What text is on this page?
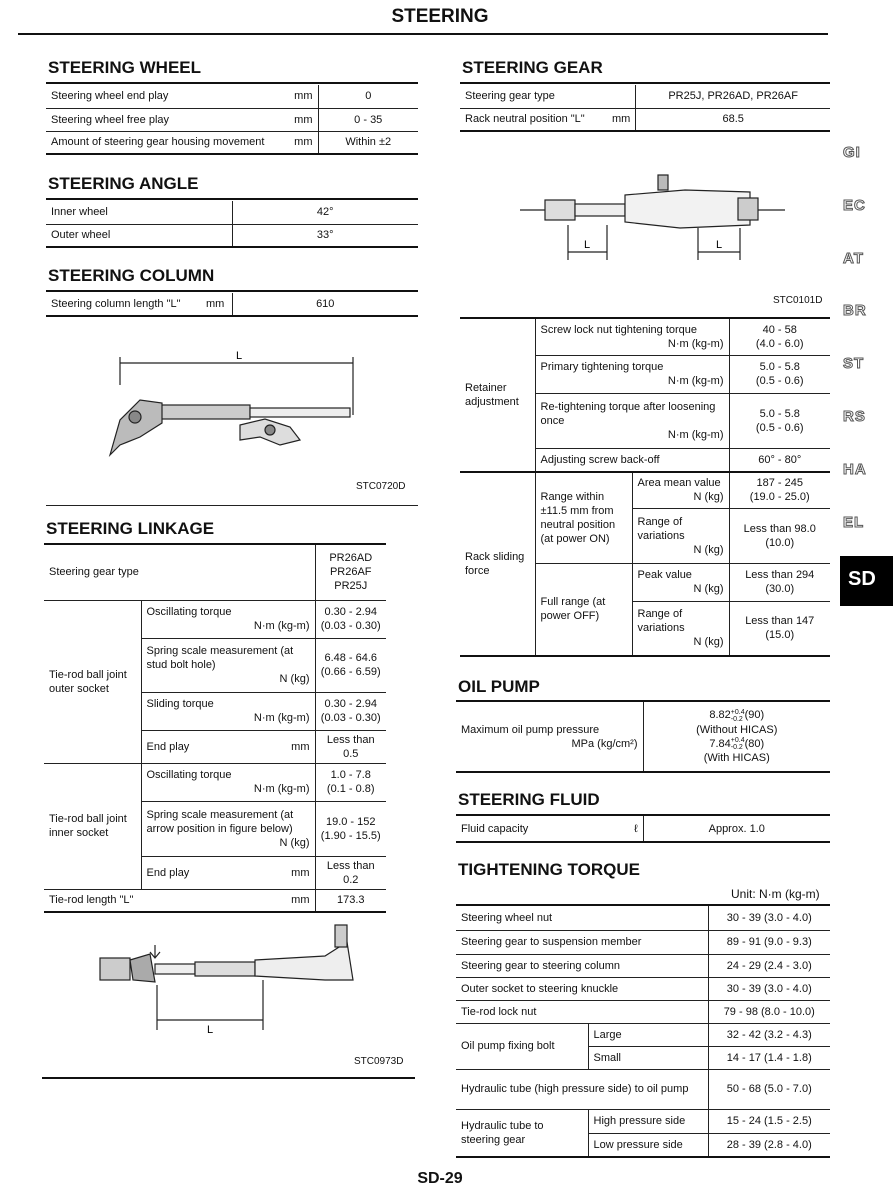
STEERING
STEERING WHEEL
Steering wheel end play	mm	0
Steering wheel free play	mm	0 - 35
Amount of steering gear housing movement	mm	Within ±2
STEERING ANGLE
Inner wheel	42°
Outer wheel	33°
STEERING COLUMN
Steering column length "L"	mm	610
L
STC0720D
STEERING LINKAGE
Steering gear type		PR26AD
PR26AF
PR25J

Tie-rod ball joint outer socket	Oscillating torque
N·m (kg-m)	0.30 - 2.94
(0.03 - 0.30)

	Spring scale measurement (at stud bolt hole)
N (kg)	6.48 - 64.6
(0.66 - 6.59)

	Sliding torque
N·m (kg-m)	0.30 - 2.94
(0.03 - 0.30)

	End play mm	Less than 0.5
Tie-rod ball joint inner socket	Oscillating torque
N·m (kg-m)	1.0 - 7.8
(0.1 - 0.8)

	Spring scale measurement (at arrow position in figure below)
N (kg)	19.0 - 152
(1.90 - 15.5)

	End play mm	Less than 0.2

Tie-rod length "L" mm		173.3
L
STC0973D
STEERING GEAR
Steering gear type		PR25J, PR26AD, PR26AF
Rack neutral position "L"	mm	68.5
L	L
STC0101D
Retainer adjustment	Screw lock nut tightening torque
N·m (kg-m)		40 - 58
(4.0 - 6.0)

	Primary tightening torque
N·m (kg-m)		5.0 - 5.8
(0.5 - 0.6)

	Re-tightening torque after loosening once
N·m (kg-m)		5.0 - 5.8
(0.5 - 0.6)

	Adjusting screw back-off		60° - 80°
Rack sliding force	Range within ±11.5 mm from neutral position (at power ON)	Area mean value
N (kg)	187 - 245
(19.0 - 25.0)

		Range of variations
N (kg)	Less than 98.0
(10.0)

	Full range (at power OFF)	Peak value
N (kg)	Less than 294
(30.0)

		Range of variations
N (kg)	Less than 147
(15.0)
OIL PUMP
Maximum oil pump pressure
MPa (kg/cm²)

8.82 +0.4
-0.2 (90)
(Without HICAS)
7.84 +0.4
-0.2 (80)
(With HICAS)
STEERING FLUID
Fluid capacity	ℓ	Approx. 1.0
TIGHTENING TORQUE
Unit: N·m (kg-m)
Steering wheel nut		30 - 39 (3.0 - 4.0)
Steering gear to suspension member		89 - 91 (9.0 - 9.3)
Steering gear to steering column		24 - 29 (2.4 - 3.0)
Outer socket to steering knuckle		30 - 39 (3.0 - 4.0)
Tie-rod lock nut		79 - 98 (8.0 - 10.0)
Oil pump fixing bolt	Large	32 - 42 (3.2 - 4.3)
	Small	14 - 17 (1.4 - 1.8)
Hydraulic tube (high pressure side) to oil pump		50 - 68 (5.0 - 7.0)
Hydraulic tube to steering gear	High pressure side	15 - 24 (1.5 - 2.5)
	Low pressure side	28 - 39 (2.8 - 4.0)
GI
EC
AT
BR
ST
RS
HA
EL
SD
SD-29
